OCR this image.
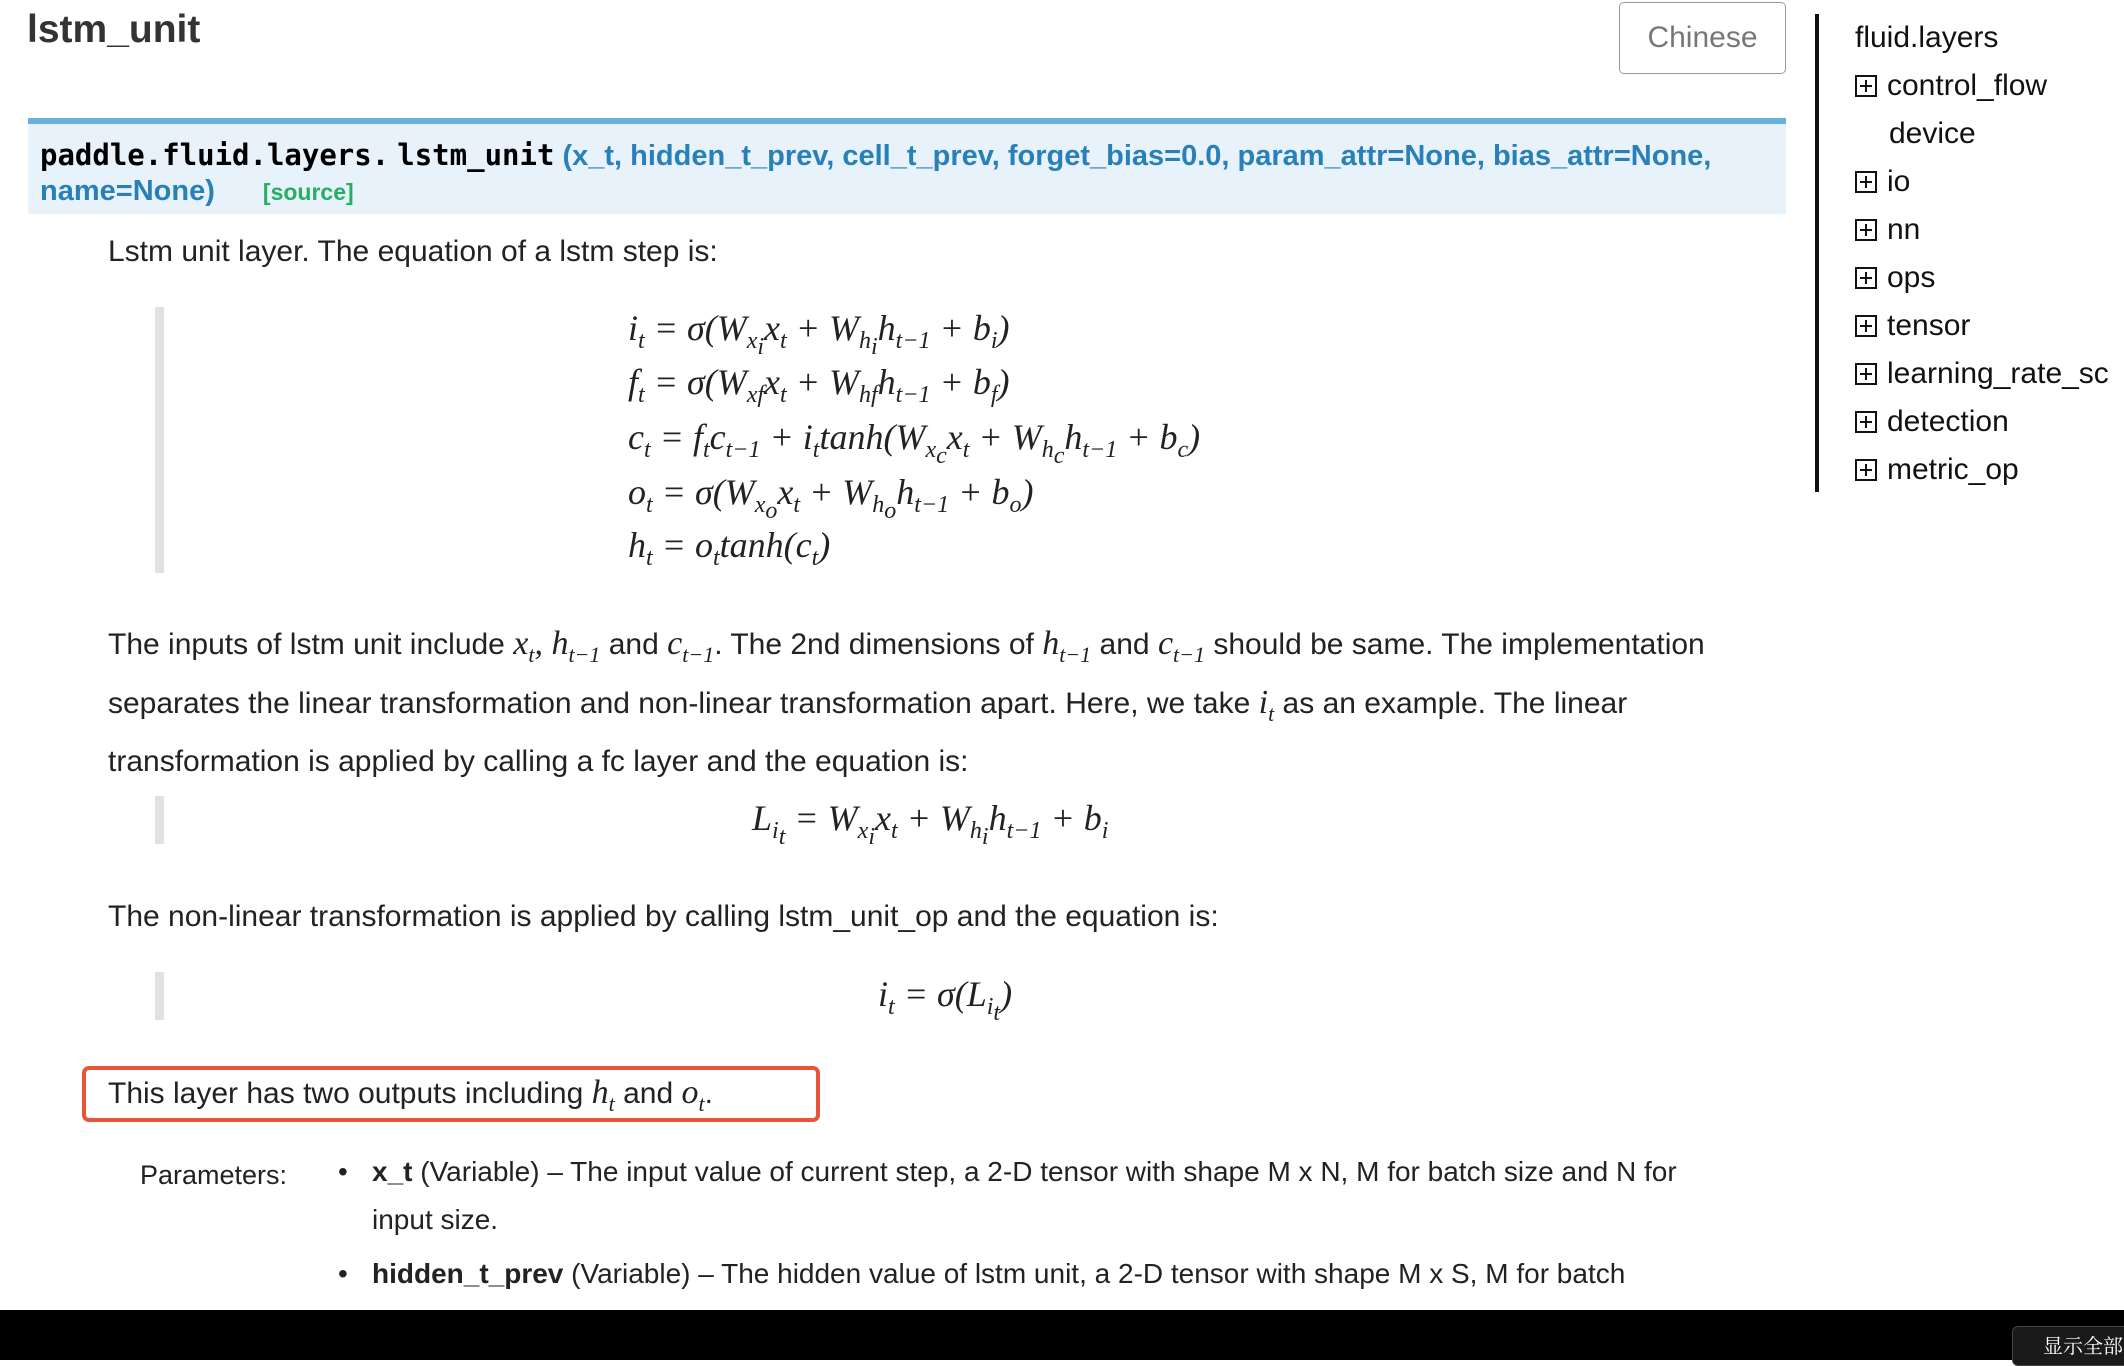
lstm_unit	Chinese
paddle.fluid.layers. lstm_unit (x_t, hidden_t_prev, cell_t_prev, forget_bias=0.0, param_attr=None, bias_attr=None,
name=None) [source]

Lstm unit layer. The equation of a lstm step is:

$i_t = \sigma(W_{x_i}x_t + W_{h_i}h_{t-1} + b_i)$
$f_t = \sigma(W_{xf}x_t + W_{hf}h_{t-1} + b_f)$
$c_t = f_tc_{t-1} + i_t\tanh(W_{x_c}x_t + W_{h_c}h_{t-1} + b_c)$
$o_t = \sigma(W_{x_o}x_t + W_{h_o}h_{t-1} + b_o)$
$h_t = o_t\tanh(c_t)$

The inputs of lstm unit include $x_t$, $h_{t-1}$ and $c_{t-1}$. The 2nd dimensions of $h_{t-1}$ and $c_{t-1}$ should be same. The implementation separates the linear transformation and non-linear transformation apart. Here, we take $i_t$ as an example. The linear transformation is applied by calling a fc layer and the equation is:

$L_{i_t} = W_{x_i}x_t + W_{h_i}h_{t-1} + b_i$

The non-linear transformation is applied by calling lstm_unit_op and the equation is:

$i_t = \sigma(L_{i_t})$

This layer has two outputs including $h_t$ and $o_t$.

Parameters:
•	x_t (Variable) – The input value of current step, a 2-D tensor with shape M x N, M for batch size and N for input size.
• hidden_t_prev (Variable) – The hidden value of lstm unit, a 2-D tensor with shape M x S, M for batch
fluid.layers
control_flow
device
io
nn
ops
tensor
learning_rate_sc
detection
metric_op
显示全部
